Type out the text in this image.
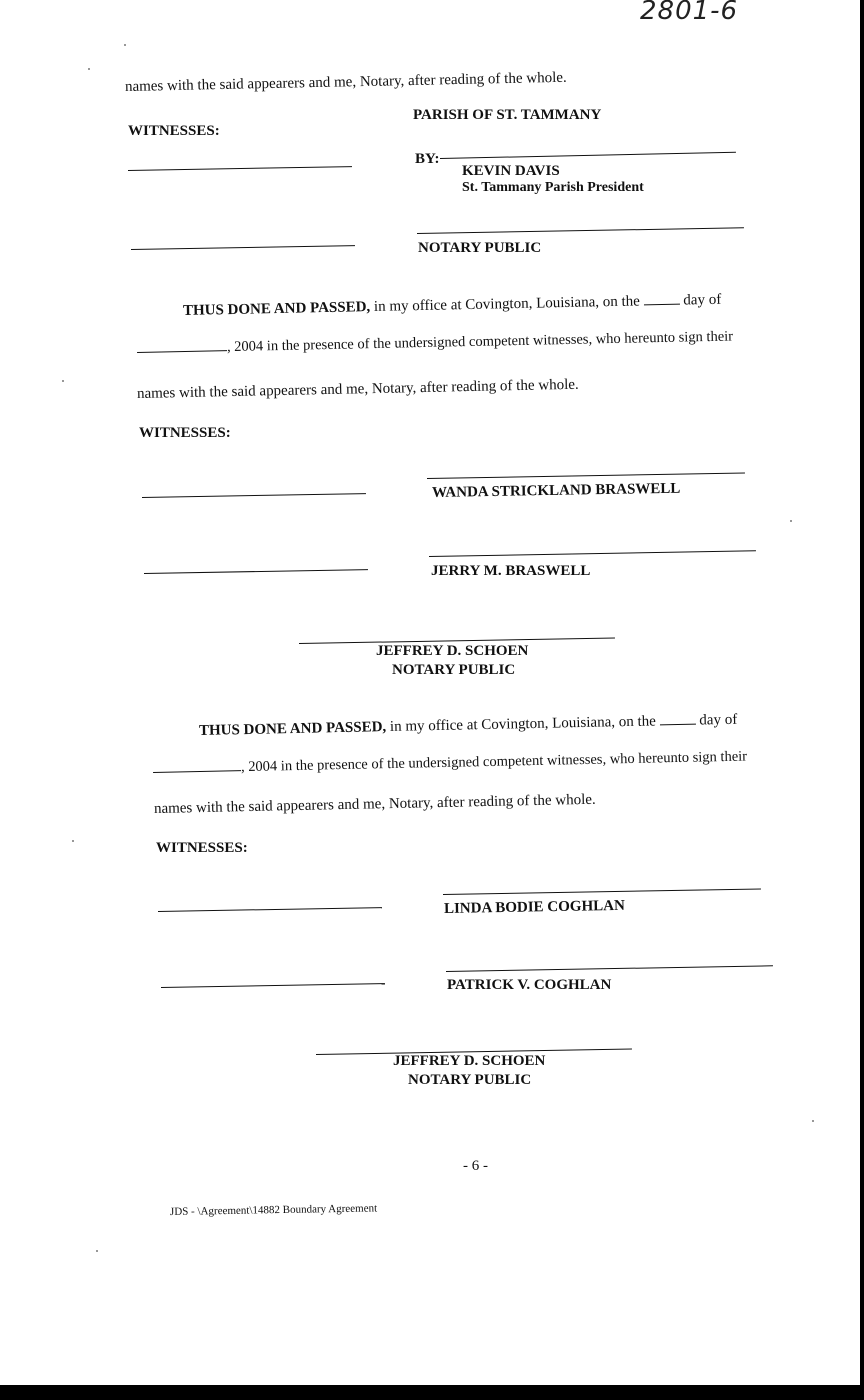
2801-6
names with the said appearers and me, Notary, after reading of the whole.
WITNESSES:
PARISH OF ST. TAMMANY
BY:
KEVIN DAVIS
St. Tammany Parish President
NOTARY PUBLIC
THUS DONE AND PASSED, in my office at Covington, Louisiana, on the	day of
, 2004 in the presence of the undersigned competent witnesses, who hereunto sign their
names with the said appearers and me, Notary, after reading of the whole.
WITNESSES:
WANDA STRICKLAND BRASWELL
JERRY M. BRASWELL
JEFFREY D. SCHOEN
NOTARY PUBLIC
THUS DONE AND PASSED, in my office at Covington, Louisiana, on the	day of
, 2004 in the presence of the undersigned competent witnesses, who hereunto sign their
names with the said appearers and me, Notary, after reading of the whole.
WITNESSES:
LINDA BODIE COGHLAN
PATRICK V. COGHLAN
JEFFREY D. SCHOEN
NOTARY PUBLIC
- 6 -
JDS - \Agreement\14882 Boundary Agreement
